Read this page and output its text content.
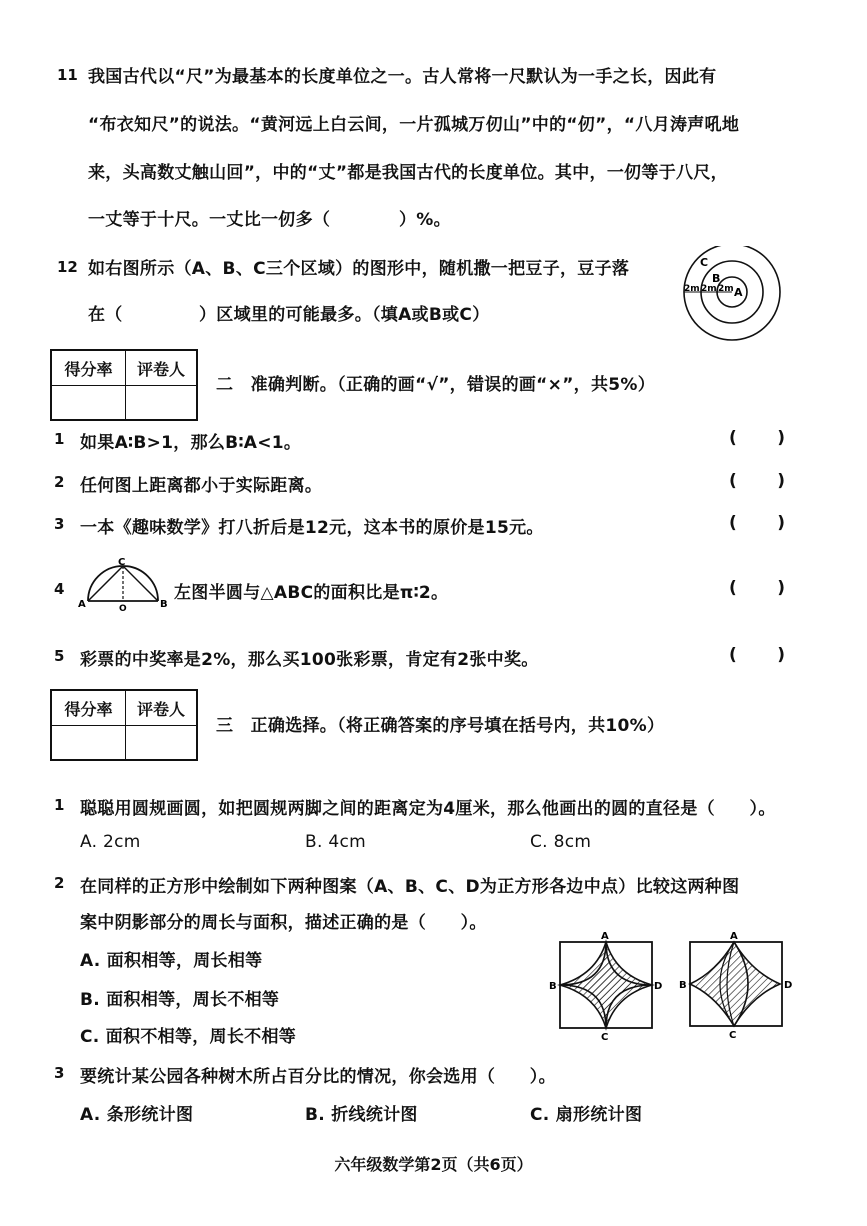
11 我国古代以“尺”为最基本的长度单位之一。古人常将一尺默认为一手之长，因此有
“布衣知尺”的说法。“黄河远上白云间，一片孤城万仞山”中的“仞”，“八月涛声吼地
来，头高数丈触山回”，中的“丈”都是我国古代的长度单位。其中，一仞等于八尺，
一丈等于十尺。一丈比一仞多（	）%。
12 如右图所示（A、B、C三个区域）的图形中，随机撒一把豆子，豆子落
在（	）区域里的可能最多。（填A或B或C）
C
B
A
2m 2m 2m
得分率	评卷人
二　准确判断。（正确的画“√”，错误的画“×”，共5%）
1 如果A∶B>1，那么B∶A<1。	( )
2 任何图上距离都小于实际距离。	( )
3 一本《趣味数学》打八折后是12元，这本书的原价是15元。	( )
4
C
A	B
O
左图半圆与△ABC的面积比是π∶2。	( )
5 彩票的中奖率是2%，那么买100张彩票，肯定有2张中奖。	( )
得分率	评卷人
三　正确选择。（将正确答案的序号填在括号内，共10%）
1 聪聪用圆规画圆，如把圆规两脚之间的距离定为4厘米，那么他画出的圆的直径是（　　）。
A. 2cm	B. 4cm	C. 8cm
2 在同样的正方形中绘制如下两种图案（A、B、C、D为正方形各边中点）比较这两种图
案中阴影部分的周长与面积，描述正确的是（　　）。
A. 面积相等，周长相等
B. 面积相等，周长不相等
C. 面积不相等，周长不相等
A
B
C
D
A
B
C
D
3 要统计某公园各种树木所占百分比的情况，你会选用（　　）。
A. 条形统计图	B. 折线统计图	C. 扇形统计图
六年级数学第2页（共6页）
